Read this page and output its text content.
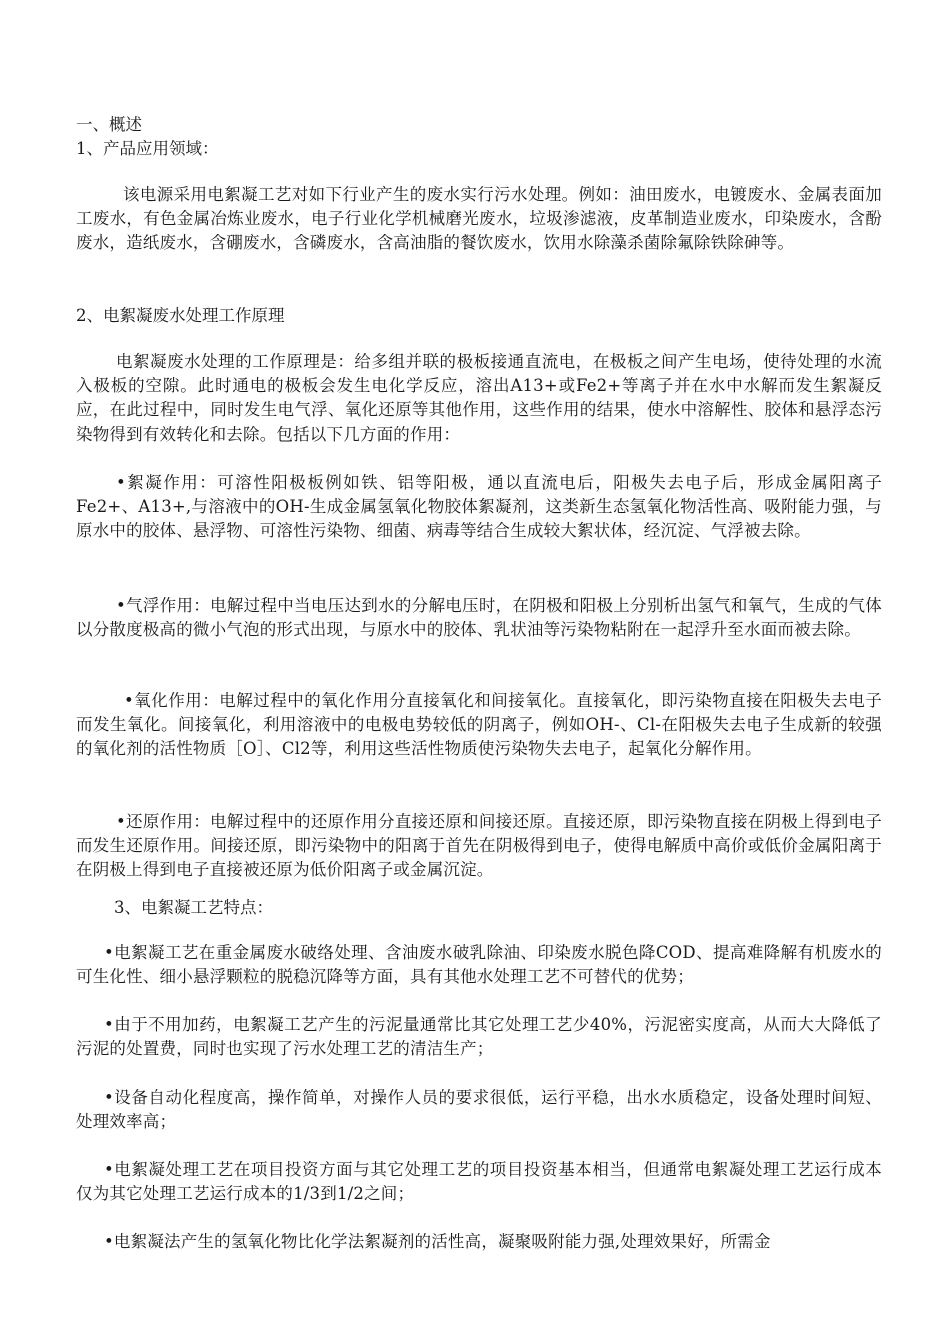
一、概述
1、产品应用领域：

该电源采用电絮凝工艺对如下行业产生的废水实行污水处理。例如：油田废水，电镀废水、金属表面加工废水，有色金属冶炼业废水，电子行业化学机械磨光废水，垃圾渗滤液，皮革制造业废水，印染废水，含酚废水，造纸废水，含硼废水，含磷废水，含高油脂的餐饮废水，饮用水除藻杀菌除氟除铁除砷等。

2、电絮凝废水处理工作原理

电絮凝废水处理的工作原理是：给多组并联的极板接通直流电，在极板之间产生电场，使待处理的水流入极板的空隙。此时通电的极板会发生电化学反应，溶出A13+或Fe2+等离子并在水中水解而发生絮凝反应，在此过程中，同时发生电气浮、氧化还原等其他作用，这些作用的结果，使水中溶解性、胶体和悬浮态污染物得到有效转化和去除。包括以下几方面的作用：

•絮凝作用：可溶性阳极板例如铁、铝等阳极，通以直流电后，阳极失去电子后，形成金属阳离子Fe2+、A13+,与溶液中的OH-生成金属氢氧化物胶体絮凝剂，这类新生态氢氧化物活性高、吸附能力强，与原水中的胶体、悬浮物、可溶性污染物、细菌、病毒等结合生成较大絮状体，经沉淀、气浮被去除。

•气浮作用：电解过程中当电压达到水的分解电压时，在阴极和阳极上分别析出氢气和氧气，生成的气体以分散度极高的微小气泡的形式出现，与原水中的胶体、乳状油等污染物粘附在一起浮升至水面而被去除。

•氧化作用：电解过程中的氧化作用分直接氧化和间接氧化。直接氧化，即污染物直接在阳极失去电子而发生氧化。间接氧化，利用溶液中的电极电势较低的阴离子，例如OH-、Cl-在阳极失去电子生成新的较强的氧化剂的活性物质［O］、Cl2等，利用这些活性物质使污染物失去电子，起氧化分解作用。

•还原作用：电解过程中的还原作用分直接还原和间接还原。直接还原，即污染物直接在阴极上得到电子而发生还原作用。间接还原，即污染物中的阳离于首先在阴极得到电子，使得电解质中高价或低价金属阳离于在阴极上得到电子直接被还原为低价阳离子或金属沉淀。

3、电絮凝工艺特点：

•电絮凝工艺在重金属废水破络处理、含油废水破乳除油、印染废水脱色降COD、提高难降解有机废水的可生化性、细小悬浮颗粒的脱稳沉降等方面，具有其他水处理工艺不可替代的优势；

•由于不用加药，电絮凝工艺产生的污泥量通常比其它处理工艺少40%，污泥密实度高，从而大大降低了污泥的处置费，同时也实现了污水处理工艺的清洁生产；

•设备自动化程度高，操作简单，对操作人员的要求很低，运行平稳，出水水质稳定，设备处理时间短、处理效率高；

•电絮凝处理工艺在项目投资方面与其它处理工艺的项目投资基本相当，但通常电絮凝处理工艺运行成本仅为其它处理工艺运行成本的1/3到1/2之间；

•电絮凝法产生的氢氧化物比化学法絮凝剂的活性高，凝聚吸附能力强,处理效果好，所需金
